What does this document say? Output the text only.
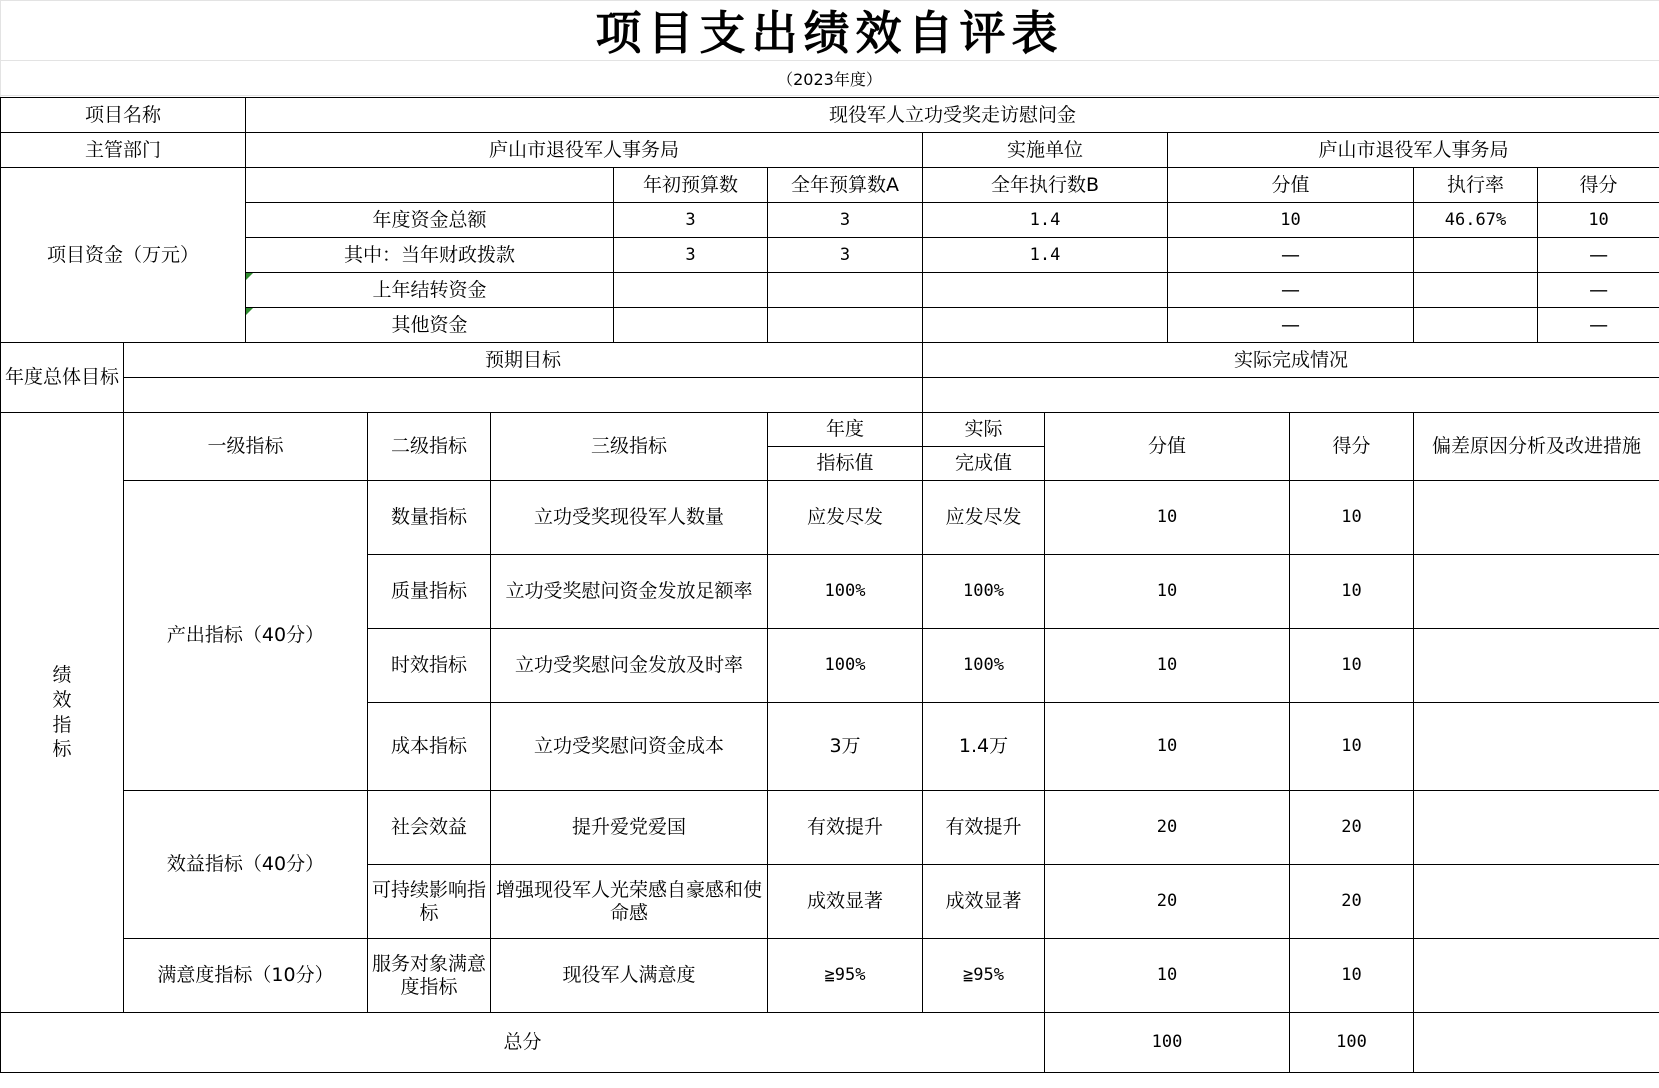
项目支出绩效自评表
（2023年度）
项目名称		现役军人立功受奖走访慰问金										
主管部门		庐山市退役军人事务局					实施单位		庐山市退役军人事务局			
项目资金（万元）					年初预算数	全年预算数A	全年执行数B		分值		执行率	得分
		年度资金总额			3	3	1.4		10		46.67%	10
		其中：当年财政拨款			3	3	1.4		—			—
		上年结转资金							—			—
		其他资金							—			—
年度总体目标	预期目标						实际完成情况					

绩效指标	一级指标		二级指标	三级指标		年度	实际	分值		得分	偏差原因分析及改进措施	
						指标值	完成值					
	产出指标（40分）		数量指标	立功受奖现役军人数量		应发尽发	应发尽发	10		10		
			质量指标	立功受奖慰问资金发放足额率		100%	100%	10		10		
			时效指标	立功受奖慰问金发放及时率		100%	100%	10		10		
			成本指标	立功受奖慰问资金成本		3万	1.4万	10		10		
	效益指标（40分）		社会效益	提升爱党爱国		有效提升	有效提升	20		20		
			可持续影响指标	增强现役军人光荣感自豪感和使命感		成效显著	成效显著	20		20		
	满意度指标（10分）		服务对象满意度指标	现役军人满意度		≧95%	≧95%	10		10		
总分								100		100		
